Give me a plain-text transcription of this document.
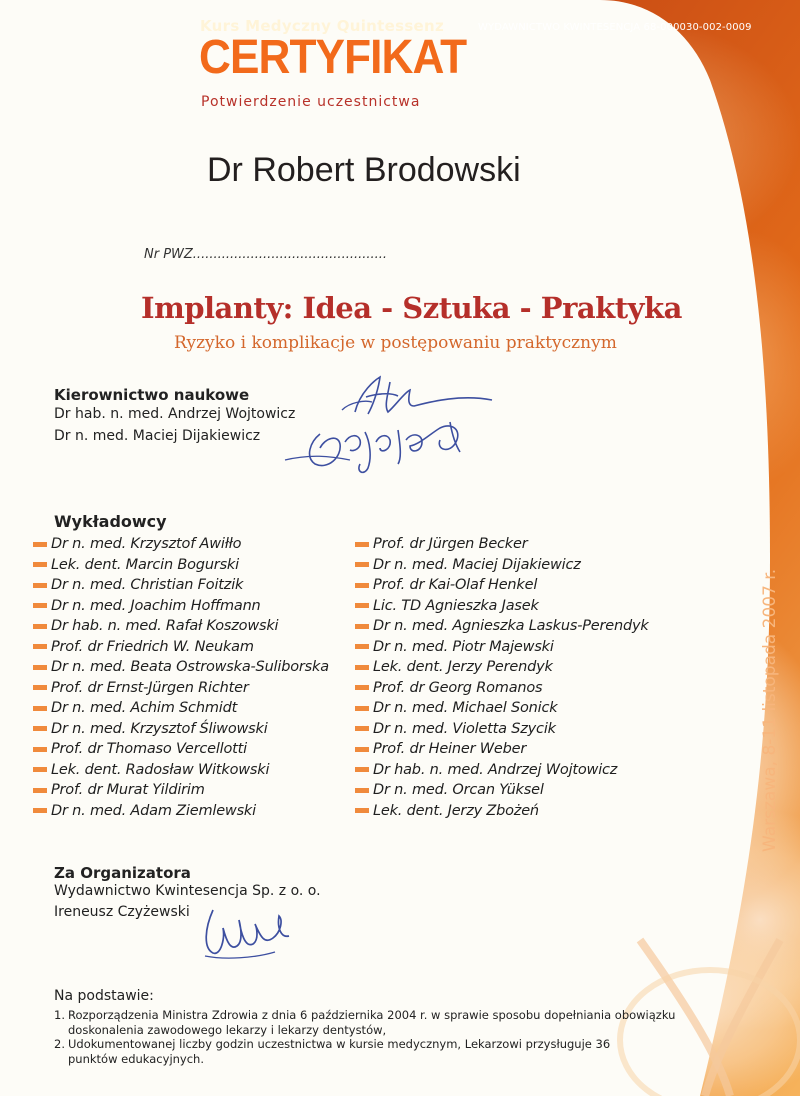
Kurs Medyczny Quintessenz	WYDAWNICTWO KWINTESENCJA 68-000030-002-0009
CERTYFIKAT
Potwierdzenie uczestnictwa
Dr Robert Brodowski
Nr PWZ...............................................
Implanty: Idea - Sztuka - Praktyka
Ryzyko i komplikacje w postępowaniu praktycznym
Kierownictwo naukowe
Dr hab. n. med. Andrzej Wojtowicz
Dr n. med. Maciej Dijakiewicz
Wykładowcy
Dr n. med. Krzysztof Awiłło
Lek. dent. Marcin Bogurski
Dr n. med. Christian Foitzik
Dr n. med. Joachim Hoffmann
Dr hab. n. med. Rafał Koszowski
Prof. dr Friedrich W. Neukam
Dr n. med. Beata Ostrowska-Suliborska
Prof. dr Ernst-Jürgen Richter
Dr n. med. Achim Schmidt
Dr n. med. Krzysztof Śliwowski
Prof. dr Thomaso Vercellotti
Lek. dent. Radosław Witkowski
Prof. dr Murat Yildirim
Dr n. med. Adam Ziemlewski
Prof. dr Jürgen Becker
Dr n. med. Maciej Dijakiewicz
Prof. dr Kai-Olaf Henkel
Lic. TD Agnieszka Jasek
Dr n. med. Agnieszka Laskus-Perendyk
Dr n. med. Piotr Majewski
Lek. dent. Jerzy Perendyk
Prof. dr Georg Romanos
Dr n. med. Michael Sonick
Dr n. med. Violetta Szycik
Prof. dr Heiner Weber
Dr hab. n. med. Andrzej Wojtowicz
Dr n. med. Orcan Yüksel
Lek. dent. Jerzy Zbożeń	Warszawa, 8-11 listopada 2007 r.
Za Organizatora
Wydawnictwo Kwintesencja Sp. z o. o.
Ireneusz Czyżewski
Na podstawie:
1. Rozporządzenia Ministra Zdrowia z dnia 6 października 2004 r. w sprawie sposobu dopełniania obowiązku doskonalenia zawodowego lekarzy i lekarzy dentystów,
2. Udokumentowanej liczby godzin uczestnictwa w kursie medycznym, Lekarzowi przysługuje 36 punktów edukacyjnych.
